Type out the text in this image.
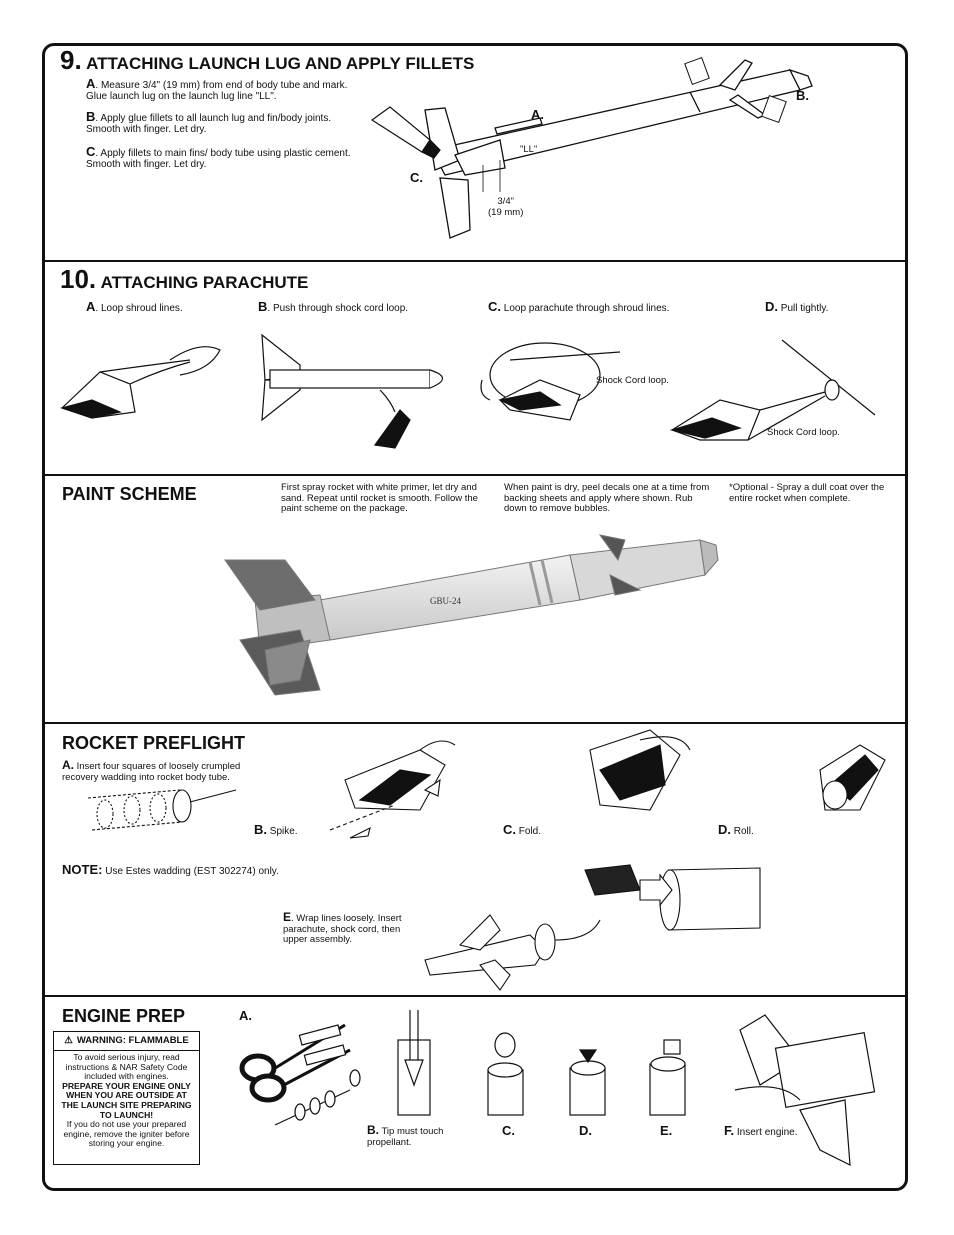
9. ATTACHING LAUNCH LUG AND APPLY FILLETS
A. Measure 3/4" (19 mm) from end of body tube and mark. Glue launch lug on the launch lug line "LL".
B. Apply glue fillets to all launch lug and fin/body joints. Smooth with finger. Let dry.
C. Apply fillets to main fins/ body tube using plastic cement. Smooth with finger. Let dry.
A.
B.
C.
"LL"
3/4"
(19 mm)
10. ATTACHING PARACHUTE
A. Loop shroud lines.	B. Push through shock cord loop.	C. Loop parachute through shroud lines.	D. Pull tightly.
Shock Cord loop.
Shock Cord loop.
PAINT SCHEME	First spray rocket with white primer, let dry and sand. Repeat until rocket is smooth. Follow the paint scheme on the package.
When paint is dry, peel decals one at a time from backing sheets and apply where shown. Rub down to remove bubbles.
*Optional - Spray a dull coat over the entire rocket when complete.
GBU-24
ROCKET PREFLIGHT
A. Insert four squares of loosely crumpled recovery wadding into rocket body tube.
B. Spike.	C. Fold.	D. Roll.
NOTE: Use Estes wadding (EST 302274) only.
E. Wrap lines loosely. Insert parachute, shock cord, then upper assembly.
ENGINE PREP
⚠ WARNING: FLAMMABLE
To avoid serious injury, read instructions & NAR Safety Code included with engines.
PREPARE YOUR ENGINE ONLY WHEN YOU ARE OUTSIDE AT THE LAUNCH SITE PREPARING TO LAUNCH!
If you do not use your prepared engine, remove the igniter before storing your engine.
A.
B. Tip must touch propellant.
C.	D.	E.	F. Insert engine.
